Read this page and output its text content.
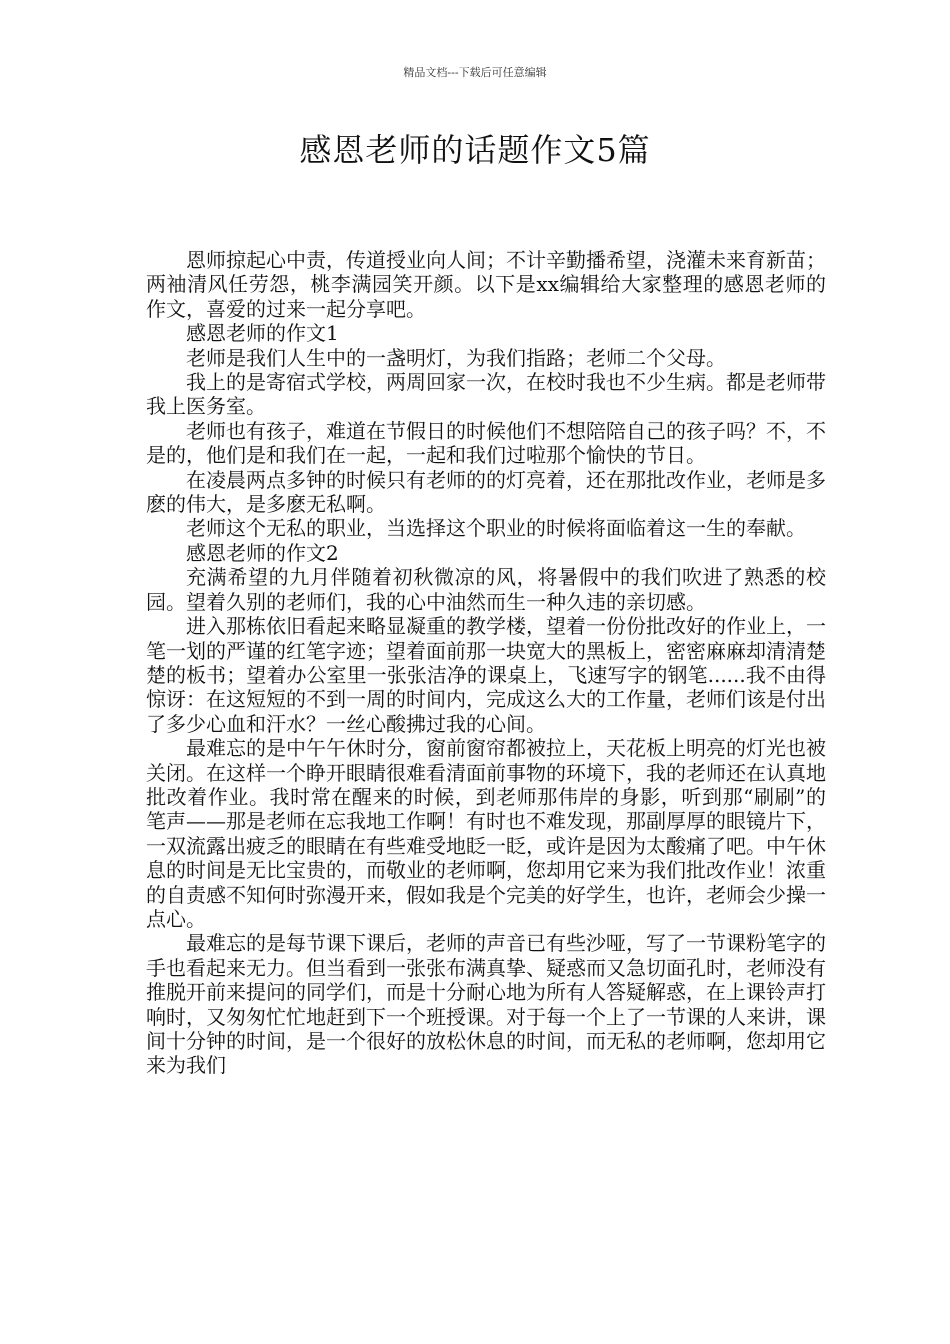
精品文档---下载后可任意编辑
感恩老师的话题作文5篇

恩师掠起心中责，传道授业向人间；不计辛勤播希望，浇灌未来育新苗；两袖清风任劳怨，桃李满园笑开颜。以下是xx编辑给大家整理的感恩老师的作文，喜爱的过来一起分享吧。

感恩老师的作文1

老师是我们人生中的一盏明灯，为我们指路；老师二个父母。

我上的是寄宿式学校，两周回家一次，在校时我也不少生病。都是老师带我上医务室。

老师也有孩子，难道在节假日的时候他们不想陪陪自己的孩子吗？不，不是的，他们是和我们在一起，一起和我们过啦那个愉快的节日。

在凌晨两点多钟的时候只有老师的的灯亮着，还在那批改作业，老师是多麽的伟大，是多麽无私啊。

老师这个无私的职业，当选择这个职业的时候将面临着这一生的奉献。

感恩老师的作文2

充满希望的九月伴随着初秋微凉的风，将暑假中的我们吹进了熟悉的校园。望着久别的老师们，我的心中油然而生一种久违的亲切感。

进入那栋依旧看起来略显凝重的教学楼，望着一份份批改好的作业上，一笔一划的严谨的红笔字迹；望着面前那一块宽大的黑板上，密密麻麻却清清楚楚的板书；望着办公室里一张张洁净的课桌上，飞速写字的钢笔......我不由得惊讶：在这短短的不到一周的时间内，完成这么大的工作量，老师们该是付出了多少心血和汗水？一丝心酸拂过我的心间。

最难忘的是中午午休时分，窗前窗帘都被拉上，天花板上明亮的灯光也被关闭。在这样一个睁开眼睛很难看清面前事物的环境下，我的老师还在认真地批改着作业。我时常在醒来的时候，到老师那伟岸的身影，听到那“刷刷”的笔声——那是老师在忘我地工作啊！有时也不难发现，那副厚厚的眼镜片下，一双流露出疲乏的眼睛在有些难受地眨一眨，或许是因为太酸痛了吧。中午休息的时间是无比宝贵的，而敬业的老师啊，您却用它来为我们批改作业！浓重的自责感不知何时弥漫开来，假如我是个完美的好学生，也许，老师会少操一点心。

最难忘的是每节课下课后，老师的声音已有些沙哑，写了一节课粉笔字的手也看起来无力。但当看到一张张布满真挚、疑惑而又急切面孔时，老师没有推脱开前来提问的同学们，而是十分耐心地为所有人答疑解惑，在上课铃声打响时，又匆匆忙忙地赶到下一个班授课。对于每一个上了一节课的人来讲，课间十分钟的时间，是一个很好的放松休息的时间，而无私的老师啊，您却用它来为我们
